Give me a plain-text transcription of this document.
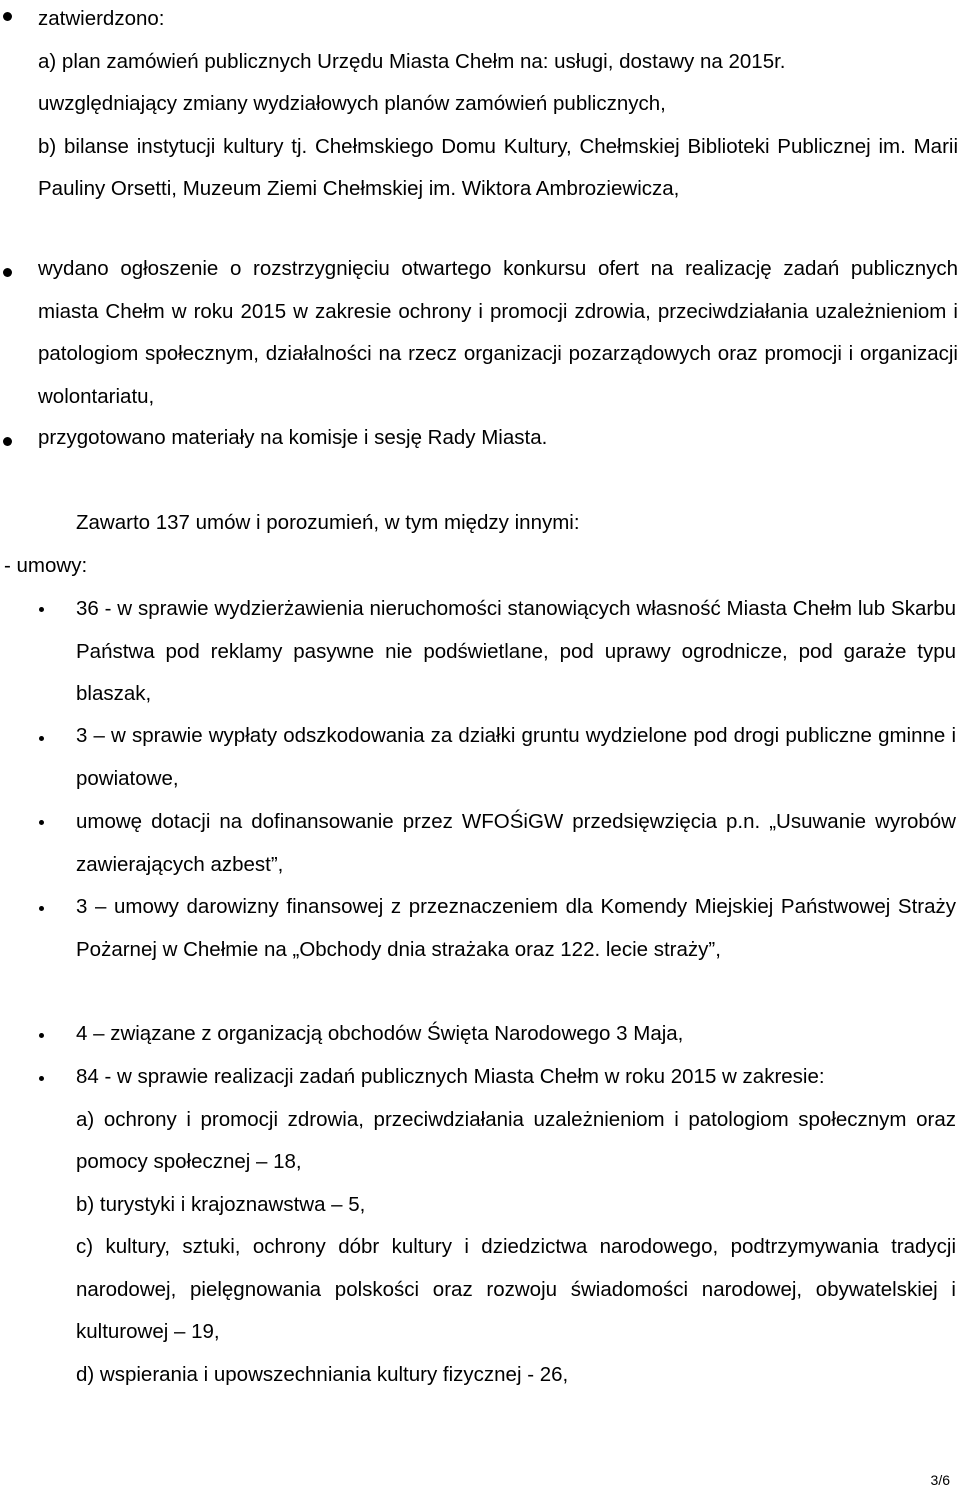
zatwierdzono:
a) plan zamówień publicznych Urzędu Miasta Chełm na: usługi, dostawy na 2015r.
uwzględniający zmiany wydziałowych planów zamówień publicznych,
b) bilanse instytucji kultury tj. Chełmskiego Domu Kultury, Chełmskiej Biblioteki Publicznej im. Marii Pauliny Orsetti, Muzeum Ziemi Chełmskiej im. Wiktora Ambroziewicza,
wydano ogłoszenie o rozstrzygnięciu otwartego konkursu ofert na realizację zadań publicznych miasta Chełm w roku 2015 w zakresie ochrony i promocji zdrowia, przeciwdziałania uzależnieniom i patologiom społecznym, działalności na rzecz organizacji pozarządowych oraz promocji i organizacji wolontariatu,
przygotowano materiały na komisje i sesję Rady Miasta.
Zawarto 137 umów i porozumień, w tym między innymi:
- umowy:
36 - w sprawie wydzierżawienia nieruchomości stanowiących własność Miasta Chełm lub Skarbu Państwa pod reklamy pasywne nie podświetlane, pod uprawy ogrodnicze, pod garaże typu blaszak,
3 – w sprawie wypłaty odszkodowania za działki gruntu wydzielone pod drogi publiczne gminne i powiatowe,
umowę dotacji na dofinansowanie przez WFOŚiGW przedsięwzięcia p.n. „Usuwanie wyrobów zawierających azbest”,
3 – umowy darowizny finansowej z przeznaczeniem dla Komendy Miejskiej Państwowej Straży Pożarnej w Chełmie na „Obchody dnia strażaka oraz 122. lecie straży”,
4 – związane z organizacją obchodów Święta Narodowego 3 Maja,
84 - w sprawie realizacji zadań publicznych Miasta Chełm w roku 2015 w zakresie:
a) ochrony i promocji zdrowia, przeciwdziałania uzależnieniom i patologiom społecznym oraz pomocy społecznej – 18,
b) turystyki i krajoznawstwa – 5,
c) kultury, sztuki, ochrony dóbr kultury i dziedzictwa narodowego, podtrzymywania tradycji narodowej, pielęgnowania polskości oraz rozwoju świadomości narodowej, obywatelskiej i kulturowej – 19,
d) wspierania i upowszechniania kultury fizycznej - 26,
3/6
